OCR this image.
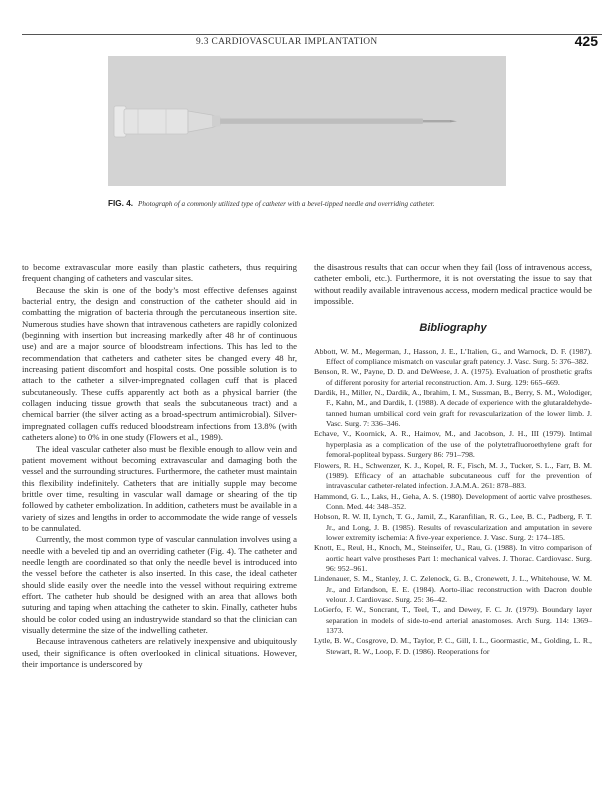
9.3 CARDIOVASCULAR IMPLANTATION	425
FIG. 4. Photograph of a commonly utilized type of catheter with a bevel-tipped needle and overriding catheter.

to become extravascular more easily than plastic catheters, thus requiring frequent changing of catheters and vascular sites.

Because the skin is one of the body’s most effective defenses against bacterial entry, the design and construction of the catheter should aid in combatting the migration of bacteria through the percutaneous insertion site. Numerous studies have shown that intravenous catheters are rapidly colonized (beginning with insertion but increasing markedly after 48 hr of continuous use) and are a major source of bloodstream infections. This has led to the recommendation that catheters and catheter sites be changed every 48 hr, increasing patient discomfort and hospital costs. One possible solution is to attach to the catheter a silver-impregnated collagen cuff that is placed subcutaneously. These cuffs apparently act both as a physical barrier (the collagen inducing tissue growth that seals the subcutaneous tract) and a chemical barrier (the silver acting as a broad-spectrum antimicrobial). Silver-impregnated collagen cuffs reduced bloodstream infections from 13.8% (with catheters alone) to 0% in one study (Flowers et al., 1989).

The ideal vascular catheter also must be flexible enough to allow vein and patient movement without becoming extravascular and damaging both the vessel and the surrounding structures. Furthermore, the catheter must maintain this flexibility indefinitely. Catheters that are initially supple may become brittle over time, resulting in vascular wall damage or shearing of the tip followed by catheter embolization. In addition, catheters must be available in a variety of sizes and lengths in order to accommodate the wide range of vessels to be cannulated.

Currently, the most common type of vascular cannulation involves using a needle with a beveled tip and an overriding catheter (Fig. 4). The catheter and needle length are coordinated so that only the needle bevel is introduced into the vessel before the catheter is also inserted. In this case, the ideal catheter should slide easily over the needle into the vessel without requiring extreme effort. The catheter hub should be designed with an area that allows both suturing and taping when attaching the catheter to skin. Finally, catheter hubs should be color coded using an industrywide standard so that the clinician can visually determine the size of the indwelling catheter.

Because intravenous catheters are relatively inexpensive and ubiquitously used, their significance is often overlooked in clinical situations. However, their importance is underscored by

the disastrous results that can occur when they fail (loss of intravenous access, catheter emboli, etc.). Furthermore, it is not overstating the issue to say that without readily available intravenous access, modern medical practice would be impossible.

Bibliography
Abbott, W. M., Megerman, J., Hasson, J. E., L’Italien, G., and Warnock, D. F. (1987). Effect of compliance mismatch on vascular graft patency. J. Vasc. Surg. 5: 376–382.
Benson, R. W., Payne, D. D. and DeWeese, J. A. (1975). Evaluation of prosthetic grafts of different porosity for arterial reconstruction. Am. J. Surg. 129: 665–669.
Dardik, H., Miller, N., Dardik, A., Ibrahim, I. M., Sussman, B., Berry, S. M., Wolodiger, F., Kahn, M., and Dardik, I. (1988). A decade of experience with the glutaraldehyde-tanned human umbilical cord vein graft for revascularization of the lower limb. J. Vasc. Surg. 7: 336–346.
Echave, V., Koornick, A. R., Haimov, M., and Jacobson, J. H., III (1979). Intimal hyperplasia as a complication of the use of the polytetrafluoroethylene graft for femoral-popliteal bypass. Surgery 86: 791–798.
Flowers, R. H., Schwenzer, K. J., Kopel, R. F., Fisch, M. J., Tucker, S. L., Farr, B. M. (1989). Efficacy of an attachable subcutaneous cuff for the prevention of intravascular catheter-related infection. J.A.M.A. 261: 878–883.
Hammond, G. L., Laks, H., Geha, A. S. (1980). Development of aortic valve prostheses. Conn. Med. 44: 348–352.
Hobson, R. W. II, Lynch, T. G., Jamil, Z., Karanfilian, R. G., Lee, B. C., Padberg, F. T. Jr., and Long, J. B. (1985). Results of revascularization and amputation in severe lower extremity ischemia: A five-year experience. J. Vasc. Surg. 2: 174–185.
Knott, E., Reul, H., Knoch, M., Steinseifer, U., Rau, G. (1988). In vitro comparison of aortic heart valve prostheses Part 1: mechanical valves. J. Thorac. Cardiovasc. Surg. 96: 952–961.
Lindenauer, S. M., Stanley, J. C. Zelenock, G. B., Cronewett, J. L., Whitehouse, W. M. Jr., and Erlandson, E. E. (1984). Aorto-iliac reconstruction with Dacron double velour. J. Cardiovasc. Surg. 25: 36–42.
LoGerfo, F. W., Soncrant, T., Teel, T., and Dewey, F. C. Jr. (1979). Boundary layer separation in models of side-to-end arterial anastomoses. Arch Surg. 114: 1369–1373.
Lytle, B. W., Cosgrove, D. M., Taylor, P. C., Gill, I. L., Goormastic, M., Golding, L. R., Stewart, R. W., Loop, F. D. (1986). Reoperations for
